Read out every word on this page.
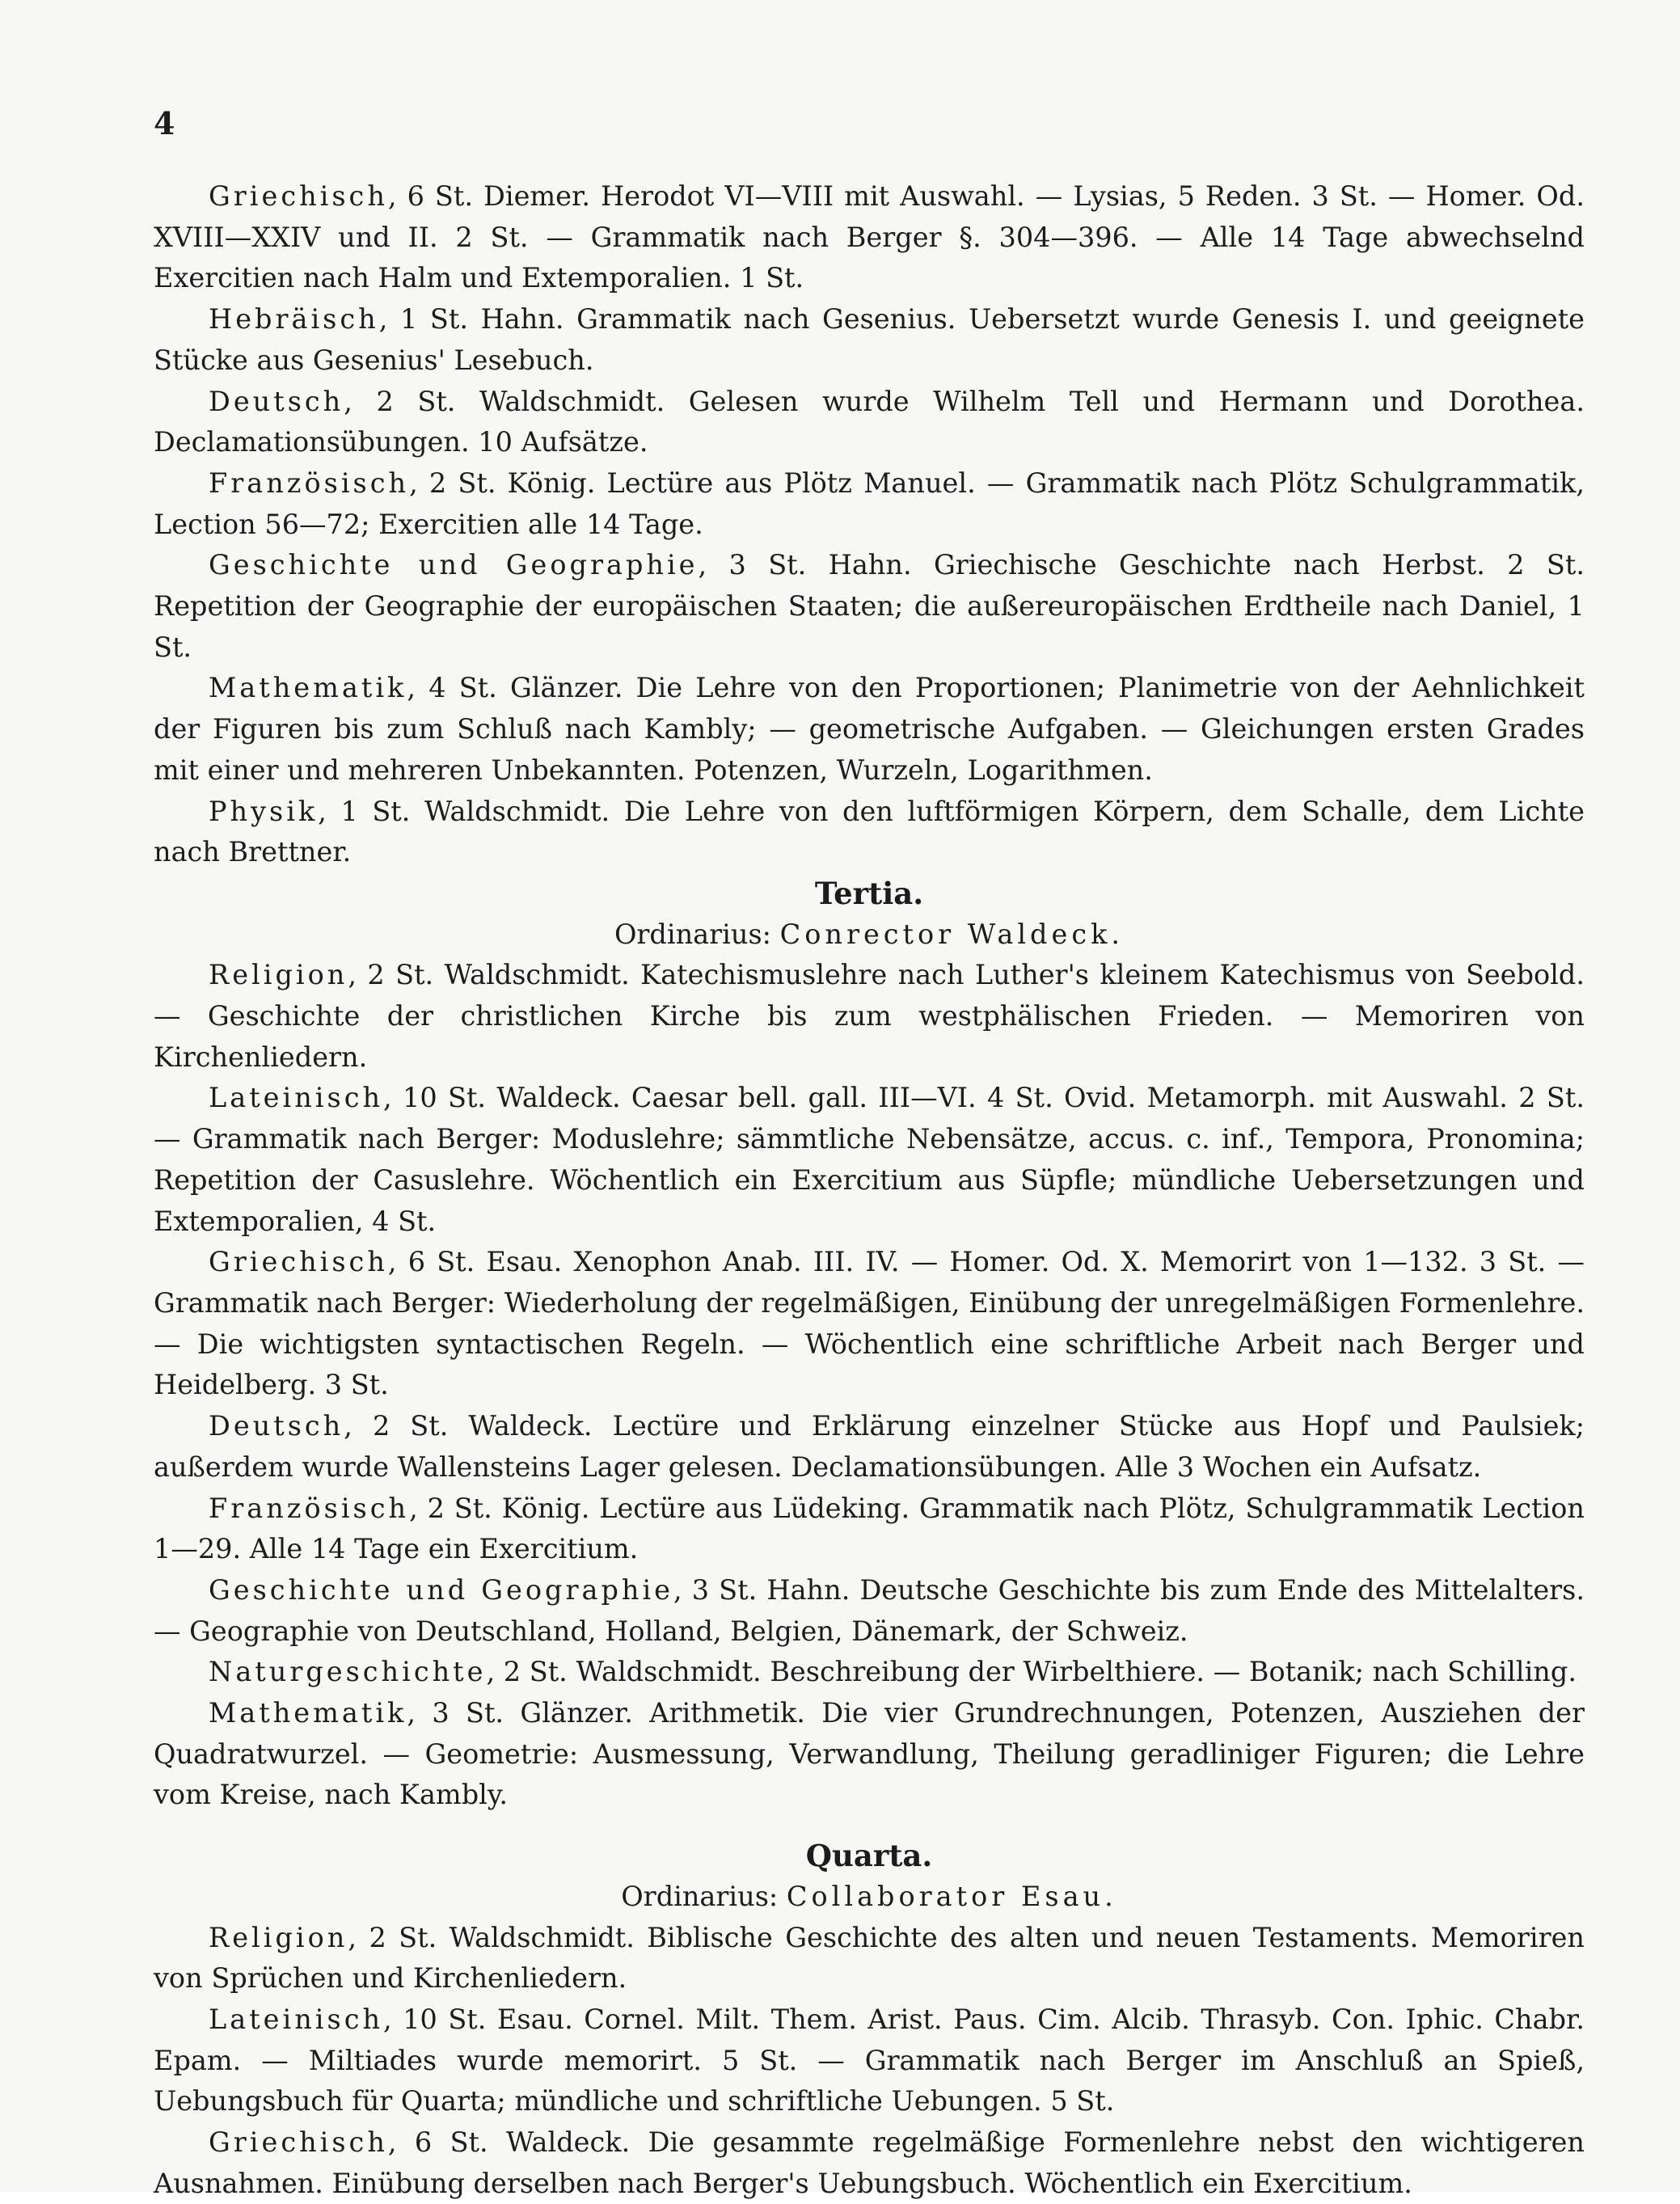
4

Griechisch, 6 St. Diemer. Herodot VI—VIII mit Auswahl. — Lysias, 5 Reden. 3 St. — Homer. Od. XVIII—XXIV und II. 2 St. — Grammatik nach Berger §. 304—396. — Alle 14 Tage abwechselnd Exercitien nach Halm und Extemporalien. 1 St.

Hebräisch, 1 St. Hahn. Grammatik nach Gesenius. Uebersetzt wurde Genesis I. und geeignete Stücke aus Gesenius' Lesebuch.

Deutsch, 2 St. Waldschmidt. Gelesen wurde Wilhelm Tell und Hermann und Dorothea. Declamationsübungen. 10 Aufsätze.

Französisch, 2 St. König. Lectüre aus Plötz Manuel. — Grammatik nach Plötz Schulgrammatik, Lection 56—72; Exercitien alle 14 Tage.

Geschichte und Geographie, 3 St. Hahn. Griechische Geschichte nach Herbst. 2 St. Repetition der Geographie der europäischen Staaten; die außereuropäischen Erdtheile nach Daniel, 1 St.

Mathematik, 4 St. Glänzer. Die Lehre von den Proportionen; Planimetrie von der Aehnlichkeit der Figuren bis zum Schluß nach Kambly; — geometrische Aufgaben. — Gleichungen ersten Grades mit einer und mehreren Unbekannten. Potenzen, Wurzeln, Logarithmen.

Physik, 1 St. Waldschmidt. Die Lehre von den luftförmigen Körpern, dem Schalle, dem Lichte nach Brettner.

Tertia.

Ordinarius: Conrector Waldeck.

Religion, 2 St. Waldschmidt. Katechismuslehre nach Luther's kleinem Katechismus von Seebold. — Geschichte der christlichen Kirche bis zum westphälischen Frieden. — Memoriren von Kirchenliedern.

Lateinisch, 10 St. Waldeck. Caesar bell. gall. III—VI. 4 St. Ovid. Metamorph. mit Auswahl. 2 St. — Grammatik nach Berger: Moduslehre; sämmtliche Nebensätze, accus. c. inf., Tempora, Pronomina; Repetition der Casuslehre. Wöchentlich ein Exercitium aus Süpfle; mündliche Uebersetzungen und Extemporalien, 4 St.

Griechisch, 6 St. Esau. Xenophon Anab. III. IV. — Homer. Od. X. Memorirt von 1—132. 3 St. — Grammatik nach Berger: Wiederholung der regelmäßigen, Einübung der unregelmäßigen Formenlehre. — Die wichtigsten syntactischen Regeln. — Wöchentlich eine schriftliche Arbeit nach Berger und Heidelberg. 3 St.

Deutsch, 2 St. Waldeck. Lectüre und Erklärung einzelner Stücke aus Hopf und Paulsiek; außerdem wurde Wallensteins Lager gelesen. Declamationsübungen. Alle 3 Wochen ein Aufsatz.

Französisch, 2 St. König. Lectüre aus Lüdeking. Grammatik nach Plötz, Schulgrammatik Lection 1—29. Alle 14 Tage ein Exercitium.

Geschichte und Geographie, 3 St. Hahn. Deutsche Geschichte bis zum Ende des Mittelalters. — Geographie von Deutschland, Holland, Belgien, Dänemark, der Schweiz.

Naturgeschichte, 2 St. Waldschmidt. Beschreibung der Wirbelthiere. — Botanik; nach Schilling.

Mathematik, 3 St. Glänzer. Arithmetik. Die vier Grundrechnungen, Potenzen, Ausziehen der Quadratwurzel. — Geometrie: Ausmessung, Verwandlung, Theilung geradliniger Figuren; die Lehre vom Kreise, nach Kambly.

Quarta.

Ordinarius: Collaborator Esau.

Religion, 2 St. Waldschmidt. Biblische Geschichte des alten und neuen Testaments. Memoriren von Sprüchen und Kirchenliedern.

Lateinisch, 10 St. Esau. Cornel. Milt. Them. Arist. Paus. Cim. Alcib. Thrasyb. Con. Iphic. Chabr. Epam. — Miltiades wurde memorirt. 5 St. — Grammatik nach Berger im Anschluß an Spieß, Uebungsbuch für Quarta; mündliche und schriftliche Uebungen. 5 St.

Griechisch, 6 St. Waldeck. Die gesammte regelmäßige Formenlehre nebst den wichtigeren Ausnahmen. Einübung derselben nach Berger's Uebungsbuch. Wöchentlich ein Exercitium.
